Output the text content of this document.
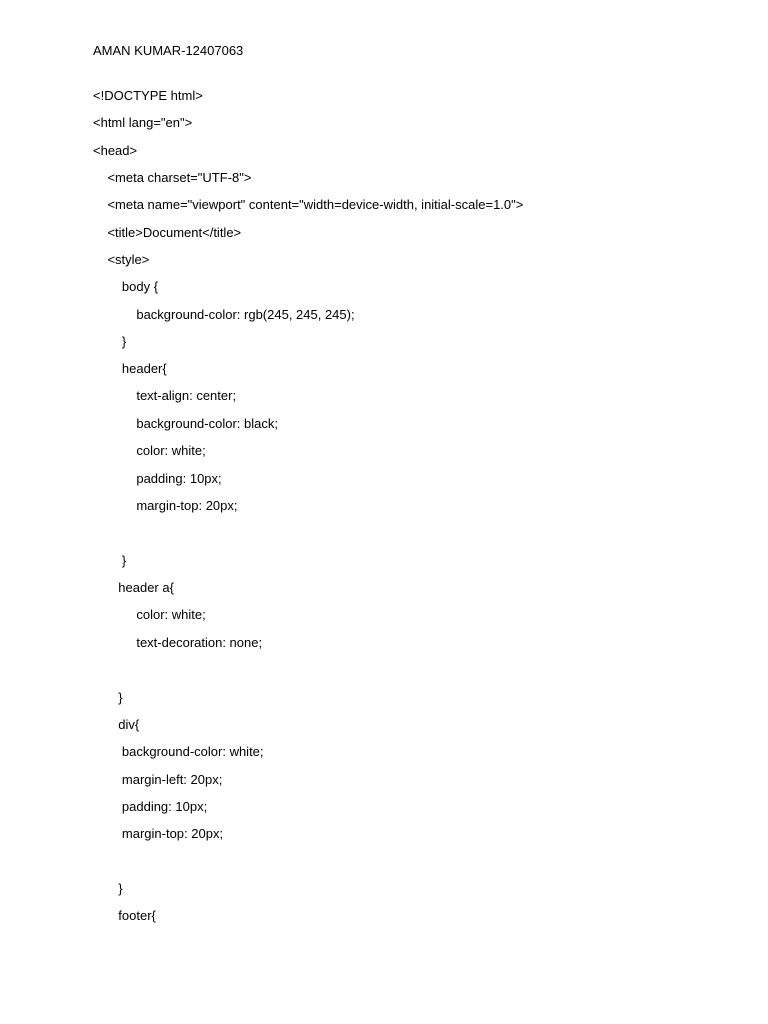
AMAN KUMAR-12407063

<!DOCTYPE html>

<html lang="en">

<head>

<meta charset="UTF-8">

<meta name="viewport" content="width=device-width, initial-scale=1.0">

<title>Document</title>

<style>

body {

background-color: rgb(245, 245, 245);

}

header{

text-align: center;

background-color: black;

color: white;

padding: 10px;

margin-top: 20px;

}

header a{

color: white;

text-decoration: none;

}

div{

background-color: white;

margin-left: 20px;

padding: 10px;

margin-top: 20px;

}

footer{
